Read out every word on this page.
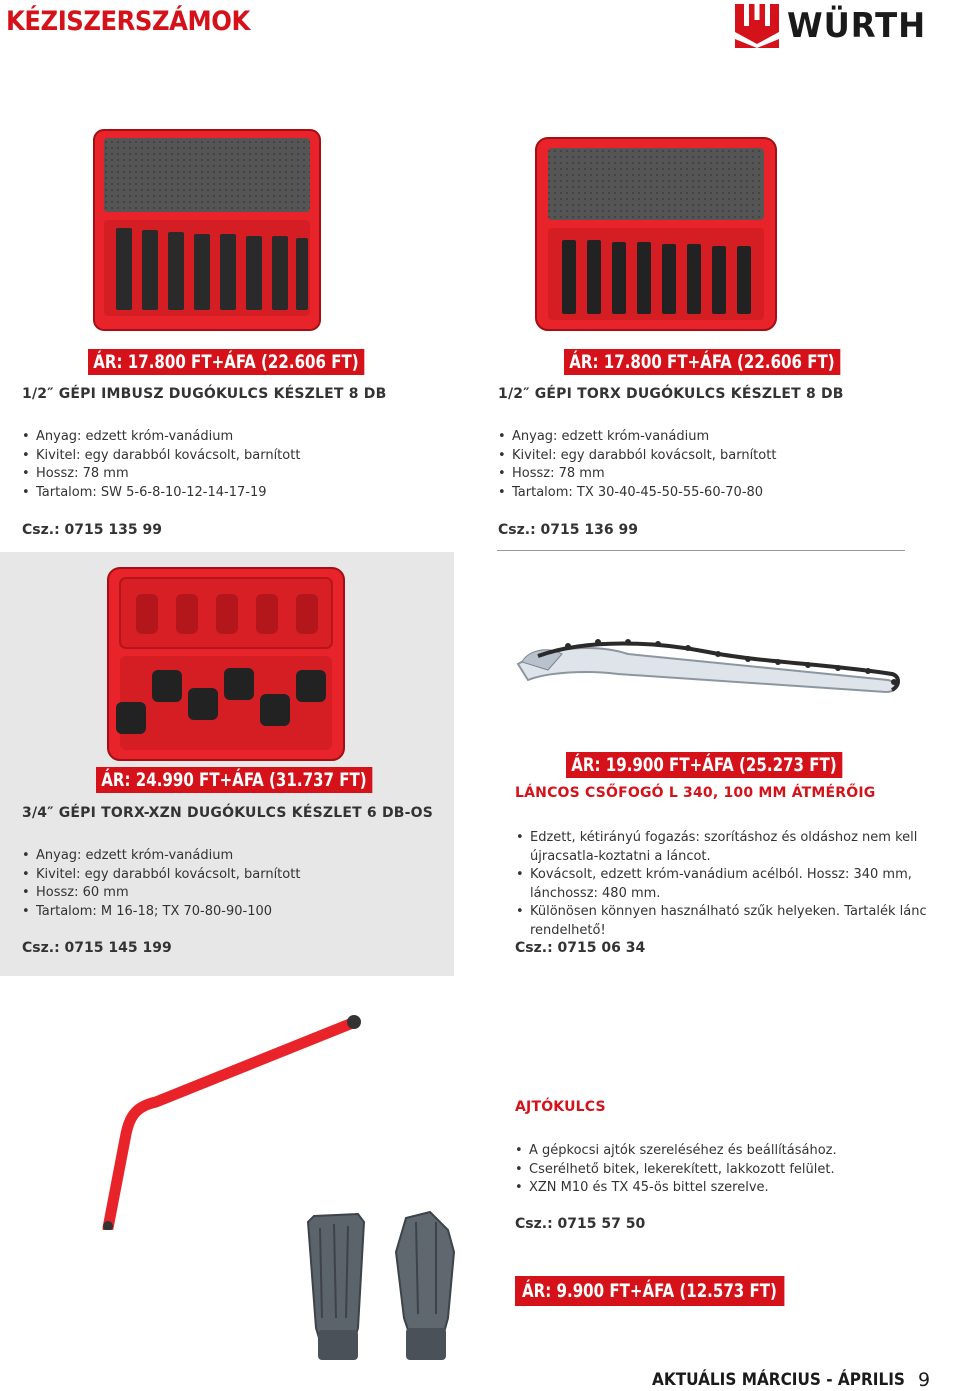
KÉZISZERSZÁMOK	WÜRTH
ÁR: 17.800 FT+ÁFA (22.606 FT)
1/2″ GÉPI IMBUSZ DUGÓKULCS KÉSZLET 8 DB
• Anyag: edzett króm-vanádium
• Kivitel: egy darabból kovácsolt, barnított
• Hossz: 78 mm
• Tartalom: SW 5-6-8-10-12-14-17-19
Csz.: 0715 135 99
ÁR: 17.800 FT+ÁFA (22.606 FT)
1/2″ GÉPI TORX DUGÓKULCS KÉSZLET 8 DB
• Anyag: edzett króm-vanádium
• Kivitel: egy darabból kovácsolt, barnított
• Hossz: 78 mm
• Tartalom: TX 30-40-45-50-55-60-70-80
Csz.: 0715 136 99
ÁR: 24.990 FT+ÁFA (31.737 FT)
3/4″ GÉPI TORX-XZN DUGÓKULCS KÉSZLET 6 DB-OS
• Anyag: edzett króm-vanádium
• Kivitel: egy darabból kovácsolt, barnított
• Hossz: 60 mm
• Tartalom: M 16-18; TX 70-80-90-100
Csz.: 0715 145 199
ÁR: 19.900 FT+ÁFA (25.273 FT)
LÁNCOS CSŐFOGÓ L 340, 100 MM ÁTMÉRŐIG
• Edzett, kétirányú fogazás: szorításhoz és oldáshoz nem kell újracsatla-koztatni a láncot.
• Kovácsolt, edzett króm-vanádium acélból. Hossz: 340 mm, lánchossz: 480 mm.
• Különösen könnyen használható szűk helyeken. Tartalék lánc rendelhető!
Csz.: 0715 06 34
AJTÓKULCS
• A gépkocsi ajtók szereléséhez és beállításához.
• Cserélhető bitek, lekerekített, lakkozott felület.
• XZN M10 és TX 45-ös bittel szerelve.
Csz.: 0715 57 50
ÁR: 9.900 FT+ÁFA (12.573 FT)
AKTUÁLIS MÁRCIUS - ÁPRILIS 9
